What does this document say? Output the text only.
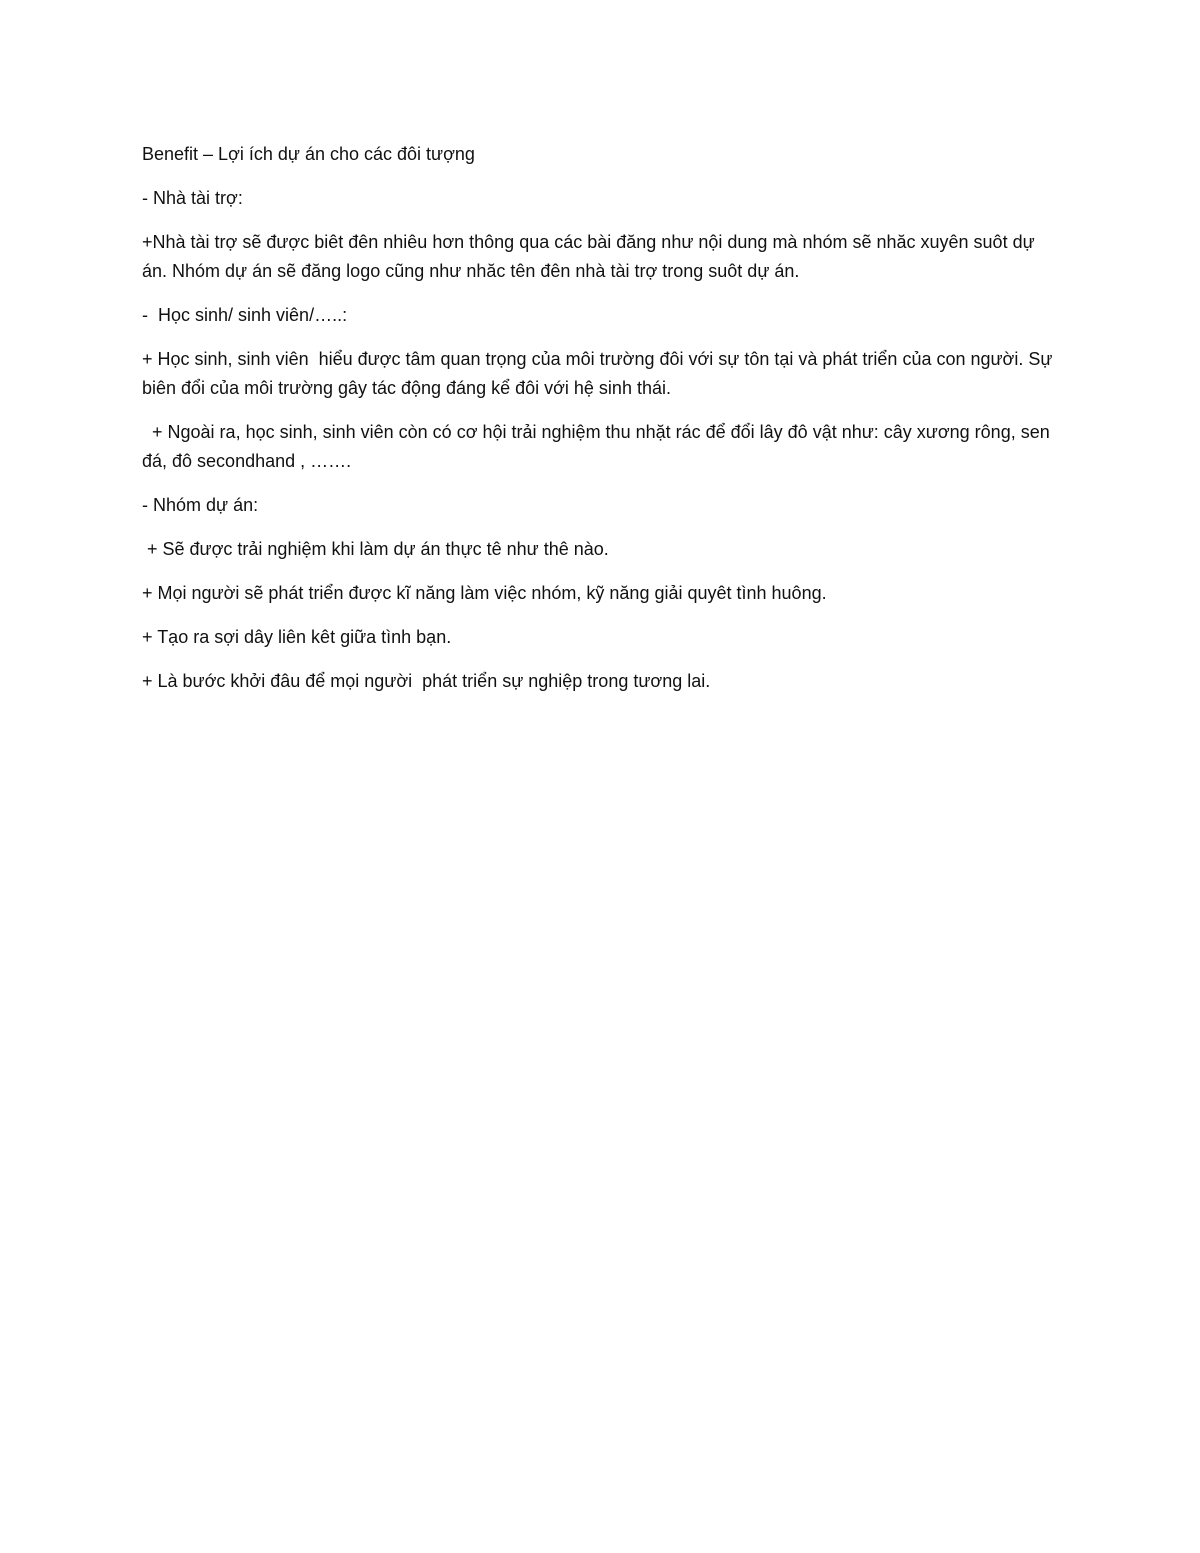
Benefit – Lợi ích dự án cho các đôi tượng

- Nhà tài trợ:

+Nhà tài trợ sẽ được biêt đên nhiêu hơn thông qua các bài đăng như nội dung mà nhóm sẽ nhăc xuyên suôt dự án. Nhóm dự án sẽ đăng logo cũng như nhăc tên đên nhà tài trợ trong suôt dự án.

-  Học sinh/ sinh viên/…..:

+ Học sinh, sinh viên  hiểu được tâm quan trọng của môi trường đôi với sự tôn tại và phát triển của con người. Sự biên đổi của môi trường gây tác động đáng kể đôi với hệ sinh thái.

+ Ngoài ra, học sinh, sinh viên còn có cơ hội trải nghiệm thu nhặt rác để đổi lây đô vật như: cây xương rông, sen đá, đô secondhand , …….

- Nhóm dự án:

+ Sẽ được trải nghiệm khi làm dự án thực tê như thê nào.

+ Mọi người sẽ phát triển được kĩ năng làm việc nhóm, kỹ năng giải quyêt tình huông.

+ Tạo ra sợi dây liên kêt giữa tình bạn.

+ Là bước khởi đâu để mọi người  phát triển sự nghiệp trong tương lai.
